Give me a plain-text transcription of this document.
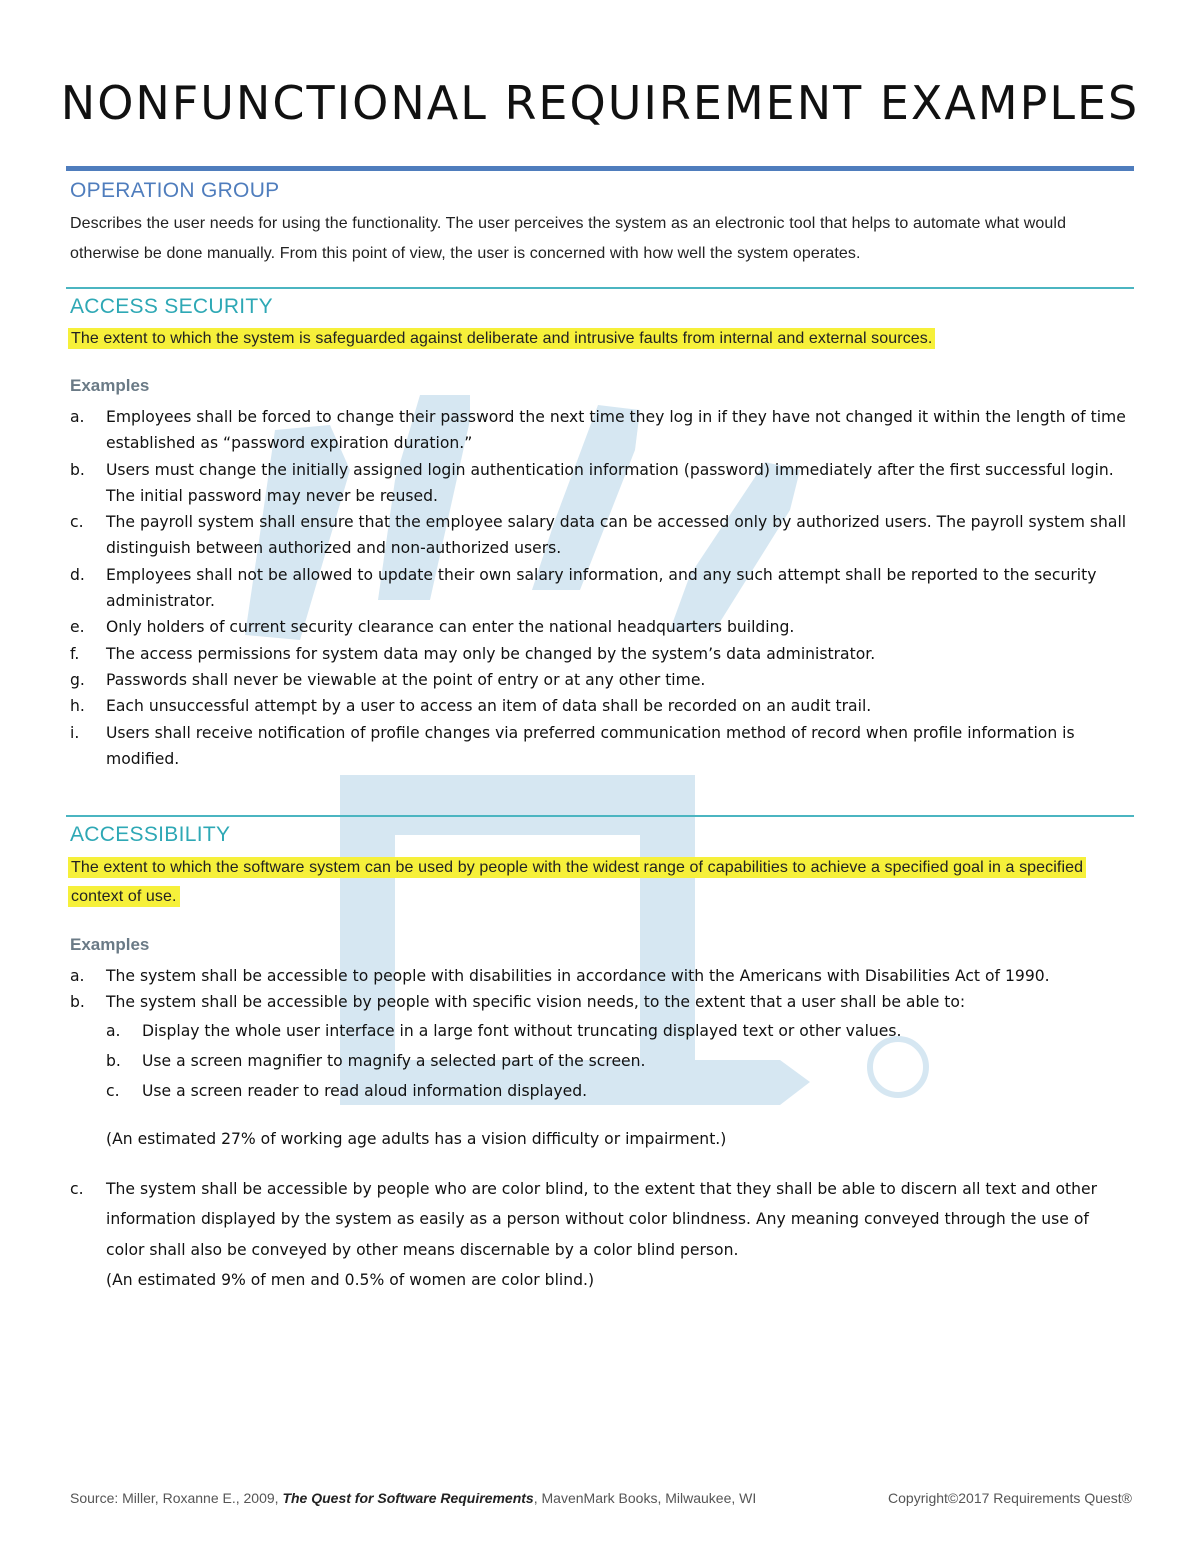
NONFUNCTIONAL REQUIREMENT EXAMPLES
OPERATION GROUP
Describes the user needs for using the functionality. The user perceives the system as an electronic tool that helps to automate what would otherwise be done manually. From this point of view, the user is concerned with how well the system operates.
ACCESS SECURITY
The extent to which the system is safeguarded against deliberate and intrusive faults from internal and external sources.
Examples
a. Employees shall be forced to change their password the next time they log in if they have not changed it within the length of time established as “password expiration duration.”
b. Users must change the initially assigned login authentication information (password) immediately after the first successful login. The initial password may never be reused.
c. The payroll system shall ensure that the employee salary data can be accessed only by authorized users. The payroll system shall distinguish between authorized and non-authorized users.
d. Employees shall not be allowed to update their own salary information, and any such attempt shall be reported to the security administrator.
e. Only holders of current security clearance can enter the national headquarters building.
f. The access permissions for system data may only be changed by the system’s data administrator.
g. Passwords shall never be viewable at the point of entry or at any other time.
h. Each unsuccessful attempt by a user to access an item of data shall be recorded on an audit trail.
i. Users shall receive notification of profile changes via preferred communication method of record when profile information is modified.
ACCESSIBILITY
The extent to which the software system can be used by people with the widest range of capabilities to achieve a specified goal in a specified context of use.
Examples
a. The system shall be accessible to people with disabilities in accordance with the Americans with Disabilities Act of 1990.
b. The system shall be accessible by people with specific vision needs, to the extent that a user shall be able to:
a. Display the whole user interface in a large font without truncating displayed text or other values.
b. Use a screen magnifier to magnify a selected part of the screen.
c. Use a screen reader to read aloud information displayed.
(An estimated 27% of working age adults has a vision difficulty or impairment.)
c. The system shall be accessible by people who are color blind, to the extent that they shall be able to discern all text and other information displayed by the system as easily as a person without color blindness. Any meaning conveyed through the use of color shall also be conveyed by other means discernable by a color blind person.
(An estimated 9% of men and 0.5% of women are color blind.)
Source: Miller, Roxanne E., 2009, The Quest for Software Requirements, MavenMark Books, Milwaukee, WI	Copyright©2017 Requirements Quest®
